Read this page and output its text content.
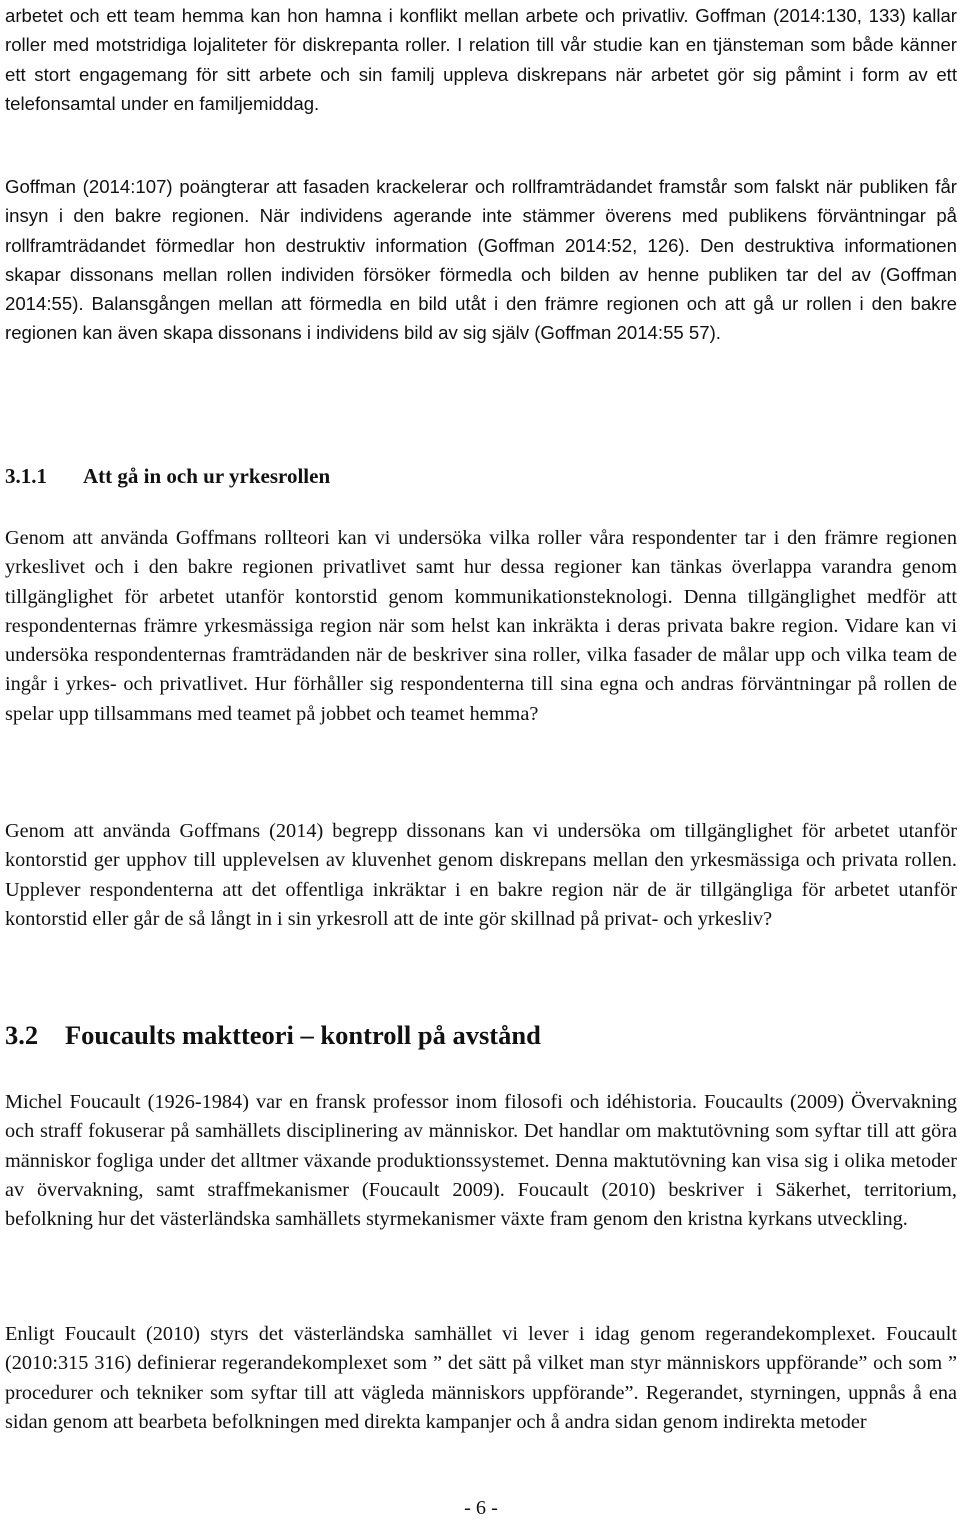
arbetet och ett team hemma kan hon hamna i konflikt mellan arbete och privatliv. Goffman (2014:130, 133) kallar roller med motstridiga lojaliteter för diskrepanta roller. I relation till vår studie kan en tjänsteman som både känner ett stort engagemang för sitt arbete och sin familj uppleva diskrepans när arbetet gör sig påmint i form av ett telefonsamtal under en familjemiddag.

Goffman (2014:107) poängterar att fasaden krackelerar och rollframträdandet framstår som falskt när publiken får insyn i den bakre regionen. När individens agerande inte stämmer överens med publikens förväntningar på rollframträdandet förmedlar hon destruktiv information (Goffman 2014:52, 126). Den destruktiva informationen skapar dissonans mellan rollen individen försöker förmedla och bilden av henne publiken tar del av (Goffman 2014:55). Balansgången mellan att förmedla en bild utåt i den främre regionen och att gå ur rollen i den bakre regionen kan även skapa dissonans i individens bild av sig själv (Goffman 2014:55 57).

3.1.1 Att gå in och ur yrkesrollen

Genom att använda Goffmans rollteori kan vi undersöka vilka roller våra respondenter tar i den främre regionen yrkeslivet och i den bakre regionen privatlivet samt hur dessa regioner kan tänkas överlappa varandra genom tillgänglighet för arbetet utanför kontorstid genom kommunikationsteknologi. Denna tillgänglighet medför att respondenternas främre yrkesmässiga region när som helst kan inkräkta i deras privata bakre region. Vidare kan vi undersöka respondenternas framträdanden när de beskriver sina roller, vilka fasader de målar upp och vilka team de ingår i yrkes- och privatlivet. Hur förhåller sig respondenterna till sina egna och andras förväntningar på rollen de spelar upp tillsammans med teamet på jobbet och teamet hemma?

Genom att använda Goffmans (2014) begrepp dissonans kan vi undersöka om tillgänglighet för arbetet utanför kontorstid ger upphov till upplevelsen av kluvenhet genom diskrepans mellan den yrkesmässiga och privata rollen. Upplever respondenterna att det offentliga inkräktar i en bakre region när de är tillgängliga för arbetet utanför kontorstid eller går de så långt in i sin yrkesroll att de inte gör skillnad på privat- och yrkesliv?

3.2 Foucaults maktteori – kontroll på avstånd

Michel Foucault (1926-1984) var en fransk professor inom filosofi och idéhistoria. Foucaults (2009) Övervakning och straff fokuserar på samhällets disciplinering av människor. Det handlar om maktutövning som syftar till att göra människor fogliga under det alltmer växande produktionssystemet. Denna maktutövning kan visa sig i olika metoder av övervakning, samt straffmekanismer (Foucault 2009). Foucault (2010) beskriver i Säkerhet, territorium, befolkning hur det västerländska samhällets styrmekanismer växte fram genom den kristna kyrkans utveckling.

Enligt Foucault (2010) styrs det västerländska samhället vi lever i idag genom regerandekomplexet. Foucault (2010:315 316) definierar regerandekomplexet som ” det sätt på vilket man styr människors uppförande” och som ” procedurer och tekniker som syftar till att vägleda människors uppförande”. Regerandet, styrningen, uppnås å ena sidan genom att bearbeta befolkningen med direkta kampanjer och å andra sidan genom indirekta metoder

- 6 -
